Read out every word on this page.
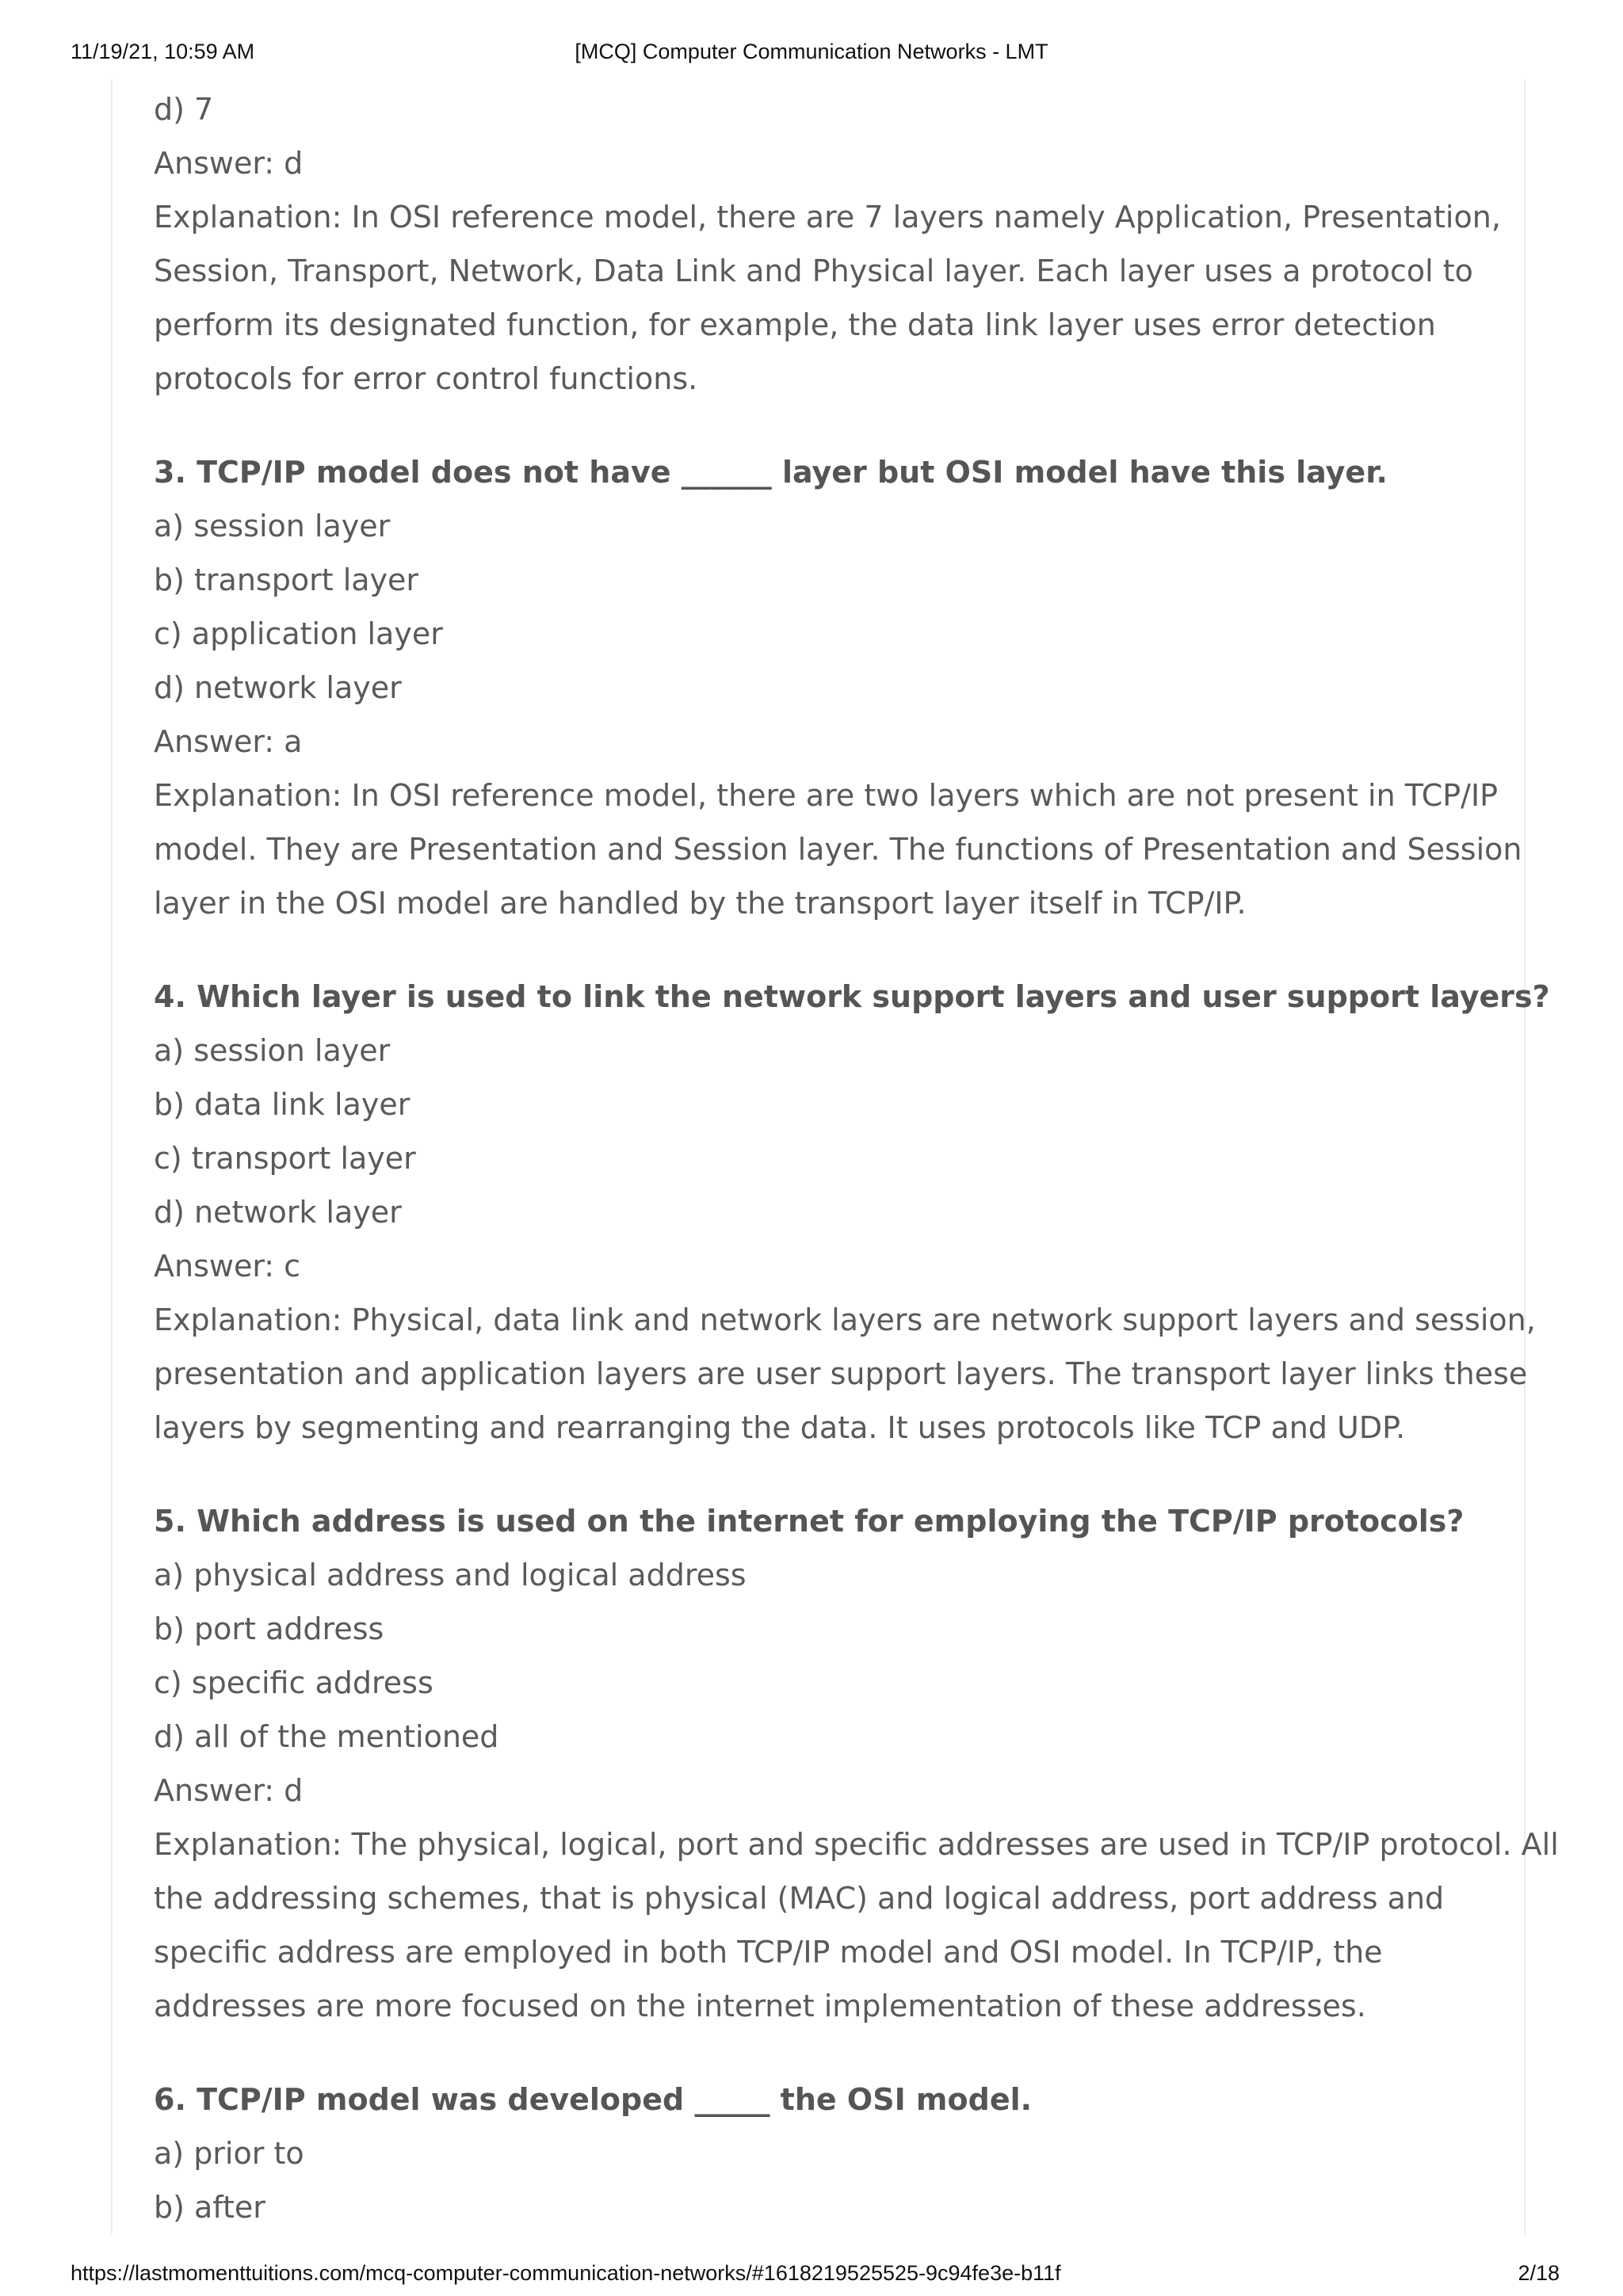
11/19/21, 10:59 AM	[MCQ] Computer Communication Networks - LMT
d) 7
Answer: d
Explanation: In OSI reference model, there are 7 layers namely Application, Presentation,
Session, Transport, Network, Data Link and Physical layer. Each layer uses a protocol to
perform its designated function, for example, the data link layer uses error detection
protocols for error control functions.
3. TCP/IP model does not have ______ layer but OSI model have this layer.
a) session layer
b) transport layer
c) application layer
d) network layer
Answer: a
Explanation: In OSI reference model, there are two layers which are not present in TCP/IP
model. They are Presentation and Session layer. The functions of Presentation and Session
layer in the OSI model are handled by the transport layer itself in TCP/IP.
4. Which layer is used to link the network support layers and user support layers?
a) session layer
b) data link layer
c) transport layer
d) network layer
Answer: c
Explanation: Physical, data link and network layers are network support layers and session,
presentation and application layers are user support layers. The transport layer links these
layers by segmenting and rearranging the data. It uses protocols like TCP and UDP.
5. Which address is used on the internet for employing the TCP/IP protocols?
a) physical address and logical address
b) port address
c) specific address
d) all of the mentioned
Answer: d
Explanation: The physical, logical, port and specific addresses are used in TCP/IP protocol. All
the addressing schemes, that is physical (MAC) and logical address, port address and
specific address are employed in both TCP/IP model and OSI model. In TCP/IP, the
addresses are more focused on the internet implementation of these addresses.
6. TCP/IP model was developed _____ the OSI model.
a) prior to
b) after
https://lastmomenttuitions.com/mcq-computer-communication-networks/#1618219525525-9c94fe3e-b11f	2/18
